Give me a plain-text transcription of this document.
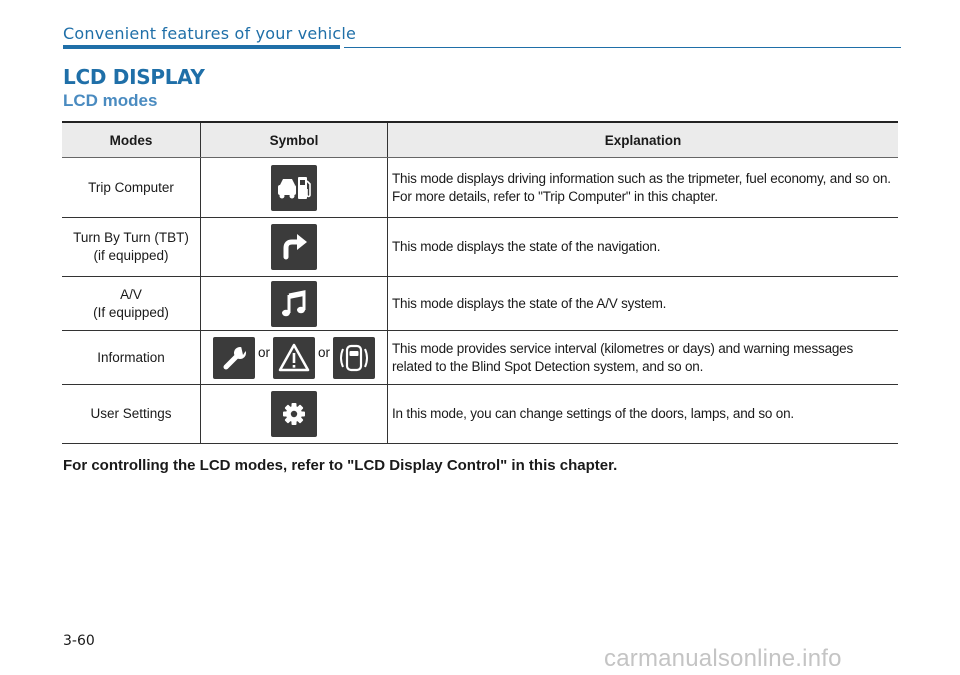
Convenient features of your vehicle
LCD DISPLAY
LCD modes
Modes	Symbol	Explanation
Trip Computer		This mode displays driving information such as the tripmeter, fuel economy, and so on.
For more details, refer to "Trip Computer" in this chapter.

Turn By Turn (TBT)
(if equipped)		This mode displays the state of the navigation.

A/V
(If equipped)		This mode displays the state of the A/V system.

Information	or or	This mode provides service interval (kilometres or days) and warning messages related to the Blind Spot Detection system, and so on.

User Settings		In this mode, you can change settings of the doors, lamps, and so on.
For controlling the LCD modes, refer to "LCD Display Control" in this chapter.
3-60
carmanualsonline.info
